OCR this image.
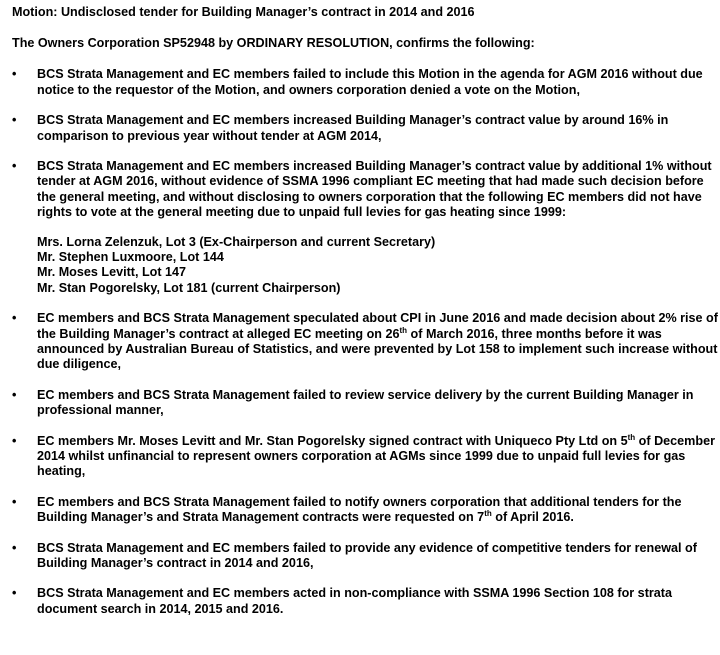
Motion: Undisclosed tender for Building Manager’s contract in 2014 and 2016
The Owners Corporation SP52948 by ORDINARY RESOLUTION, confirms the following:
•	BCS Strata Management and EC members failed to include this Motion in the agenda for AGM 2016 without due notice to the requestor of the Motion, and owners corporation denied a vote on the Motion,
•	BCS Strata Management and EC members increased Building Manager’s contract value by around 16% in comparison to previous year without tender at AGM 2014,
•	BCS Strata Management and EC members increased Building Manager’s contract value by additional 1% without tender at AGM 2016, without evidence of SSMA 1996 compliant EC meeting that had made such decision before the general meeting, and without disclosing to owners corporation that the following EC members did not have rights to vote at the general meeting due to unpaid full levies for gas heating since 1999:
Mrs. Lorna Zelenzuk, Lot 3 (Ex-Chairperson and current Secretary)
Mr. Stephen Luxmoore, Lot 144
Mr. Moses Levitt, Lot 147
Mr. Stan Pogorelsky, Lot 181 (current Chairperson)
•	EC members and BCS Strata Management speculated about CPI in June 2016 and made decision about 2% rise of the Building Manager’s contract at alleged EC meeting on 26th of March 2016, three months before it was announced by Australian Bureau of Statistics, and were prevented by Lot 158 to implement such increase without due diligence,
•	EC members and BCS Strata Management failed to review service delivery by the current Building Manager in professional manner,
•	EC members Mr. Moses Levitt and Mr. Stan Pogorelsky signed contract with Uniqueco Pty Ltd on 5th of December 2014 whilst unfinancial to represent owners corporation at AGMs since 1999 due to unpaid full levies for gas heating,
•	EC members and BCS Strata Management failed to notify owners corporation that additional tenders for the Building Manager’s and Strata Management contracts were requested on 7th of April 2016.
•	BCS Strata Management and EC members failed to provide any evidence of competitive tenders for renewal of Building Manager’s contract in 2014 and 2016,
•	BCS Strata Management and EC members acted in non-compliance with SSMA 1996 Section 108 for strata document search in 2014, 2015 and 2016.
